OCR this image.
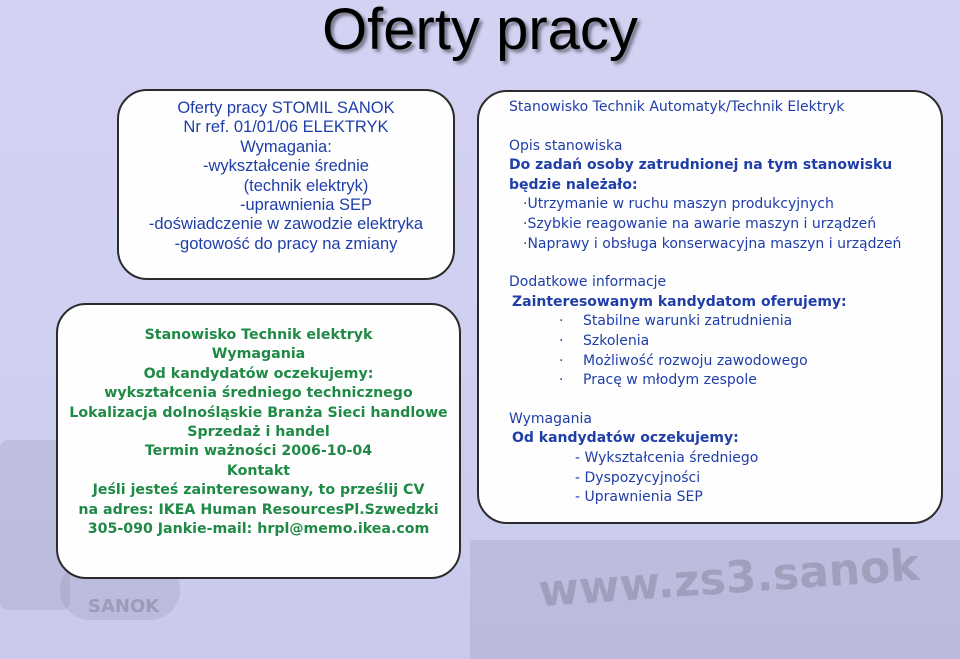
SANOK	www.zs3.sanok
Oferty pracy
Oferty pracy STOMIL SANOK
Nr ref. 01/01/06 ELEKTRYK
Wymagania:
-wykształcenie średnie
(technik elektryk)
-uprawnienia SEP
-doświadczenie w zawodzie elektryka
-gotowość do pracy na zmiany
Stanowisko Technik elektryk
Wymagania
Od kandydatów oczekujemy:
wykształcenia średniego technicznego
Lokalizacja dolnośląskie Branża Sieci handlowe
Sprzedaż i handel
Termin ważności 2006-10-04
Kontakt
Jeśli jesteś zainteresowany, to prześlij CV
na adres: IKEA Human ResourcesPl.Szwedzki
305-090 Jankie-mail: hrpl@memo.ikea.com
Stanowisko Technik Automatyk/Technik Elektryk
Opis stanowiska
Do zadań osoby zatrudnionej na tym stanowisku
będzie należało:
·Utrzymanie w ruchu maszyn produkcyjnych
·Szybkie reagowanie na awarie maszyn i urządzeń
·Naprawy i obsługa konserwacyjna maszyn i urządzeń
Dodatkowe informacje
Zainteresowanym kandydatom oferujemy:
· Stabilne warunki zatrudnienia
· Szkolenia
· Możliwość rozwoju zawodowego
· Pracę w młodym zespole
Wymagania
Od kandydatów oczekujemy:
- Wykształcenia średniego
- Dyspozycyjności
- Uprawnienia SEP
